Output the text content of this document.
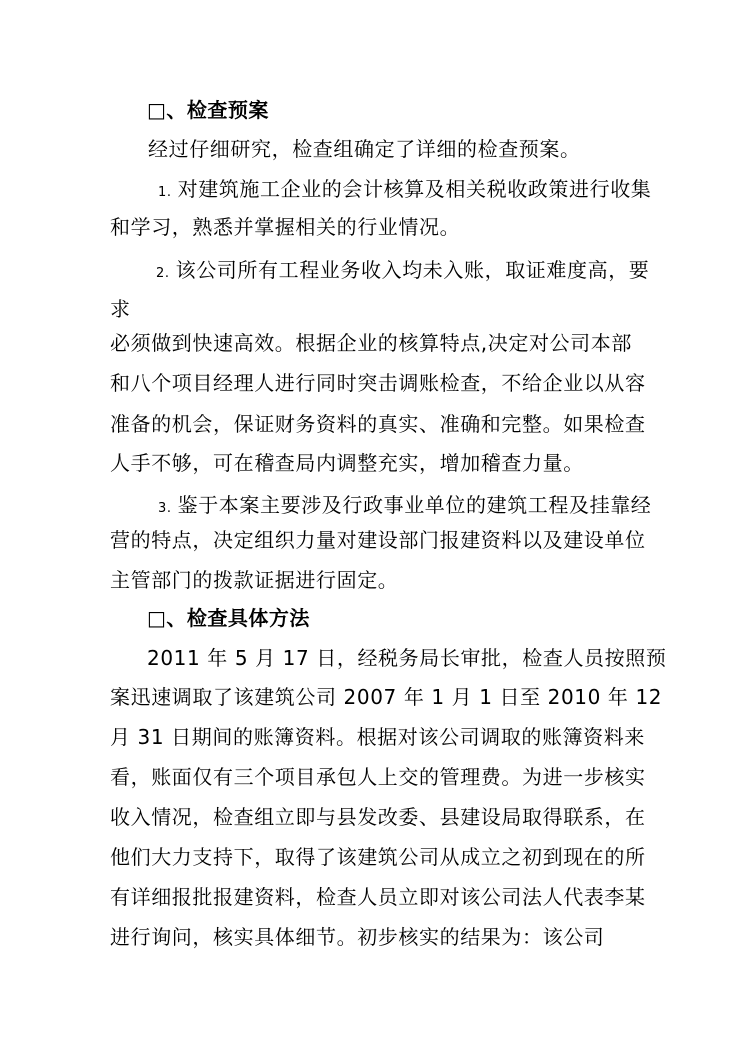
□、检查预案
经过仔细研究，检查组确定了详细的检查预案。
1. 对建筑施工企业的会计核算及相关税收政策进行收集
和学习，熟悉并掌握相关的行业情况。
2. 该公司所有工程业务收入均未入账，取证难度高，要
求
必须做到快速高效。根据企业的核算特点,决定对公司本部
和八个项目经理人进行同时突击调账检查，不给企业以从容
准备的机会，保证财务资料的真实、准确和完整。如果检查
人手不够，可在稽查局内调整充实，增加稽查力量。
3. 鉴于本案主要涉及行政事业单位的建筑工程及挂靠经
营的特点，决定组织力量对建设部门报建资料以及建设单位
主管部门的拨款证据进行固定。
□、检查具体方法
2011 年 5 月 17 日，经税务局长审批，检查人员按照预
案迅速调取了该建筑公司 2007 年 1 月 1 日至 2010 年 12
月 31 日期间的账簿资料。根据对该公司调取的账簿资料来
看，账面仅有三个项目承包人上交的管理费。为进一步核实
收入情况，检查组立即与县发改委、县建设局取得联系，在
他们大力支持下，取得了该建筑公司从成立之初到现在的所
有详细报批报建资料，检查人员立即对该公司法人代表李某
进行询问，核实具体细节。初步核实的结果为：该公司
